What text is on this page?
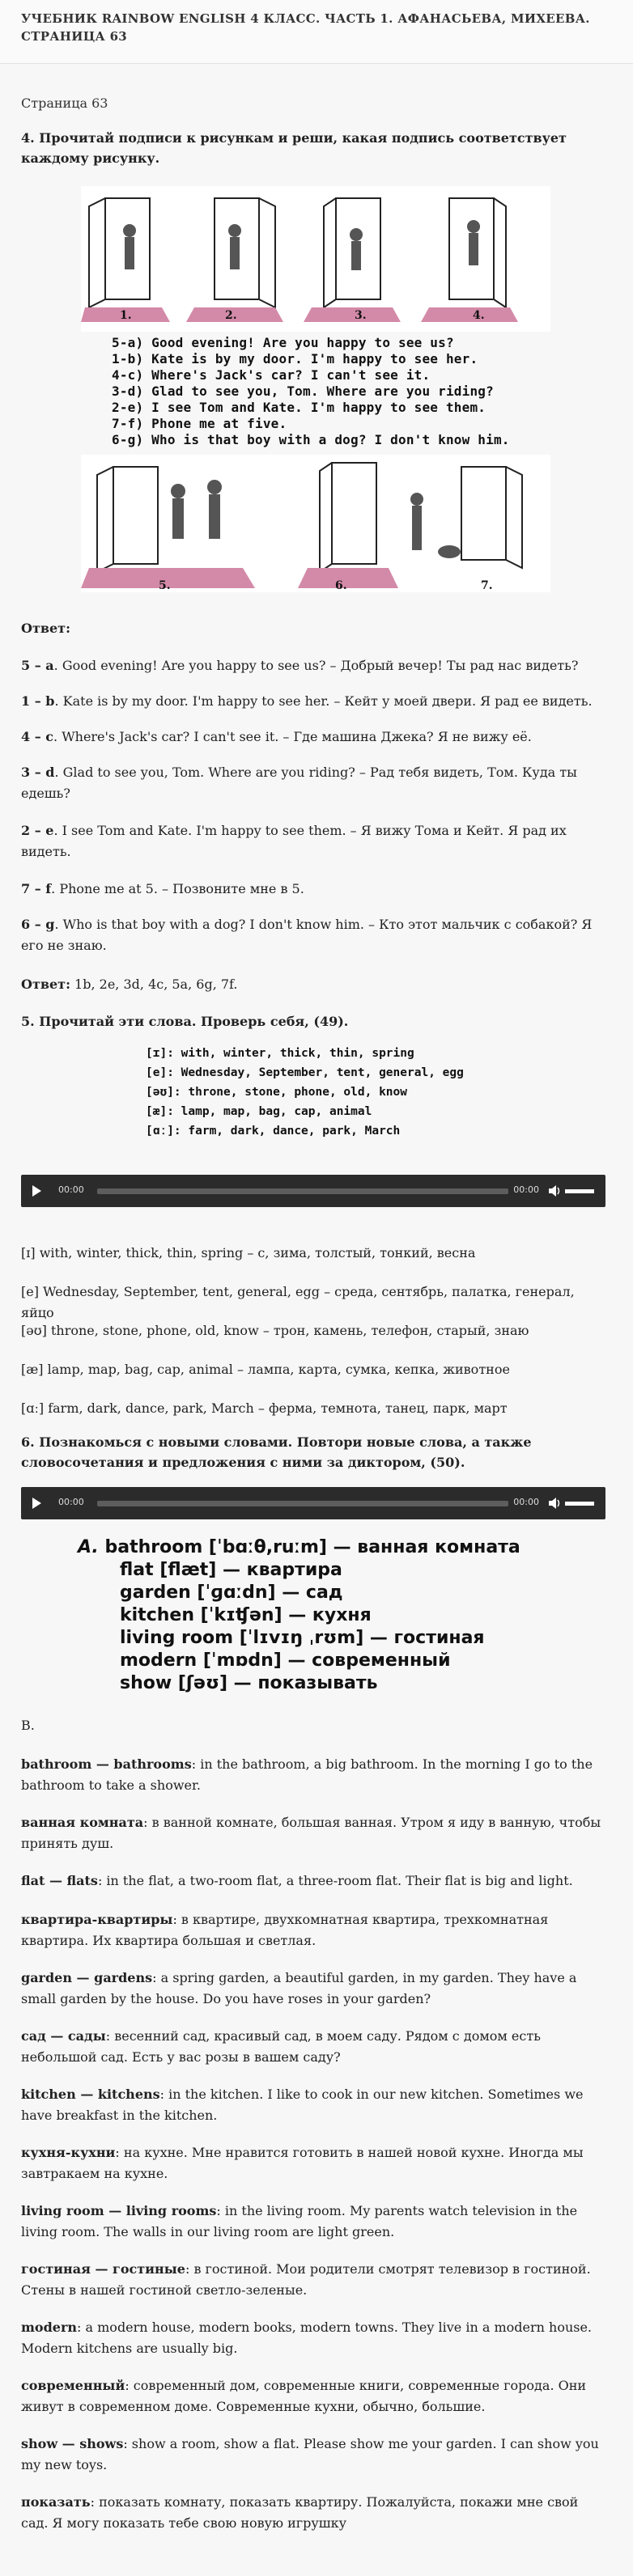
УЧЕБНИК RAINBOW ENGLISH 4 КЛАСС. ЧАСТЬ 1. АФАНАСЬЕВА, МИХЕЕВА. СТРАНИЦА 63
Страница 63
4. Прочитай подписи к рисункам и реши, какая подпись соответствует каждому рисунку.
1.	2.	3.	4.
5-a) Good evening! Are you happy to see us?
1-b) Kate is by my door. I'm happy to see her.
4-c) Where's Jack's car? I can't see it.
3-d) Glad to see you, Tom. Where are you riding?
2-e) I see Tom and Kate. I'm happy to see them.
7-f) Phone me at five.
6-g) Who is that boy with a dog? I don't know him.
5.	6.	7.
Ответ:
5 – a. Good evening! Are you happy to see us? – Добрый вечер! Ты рад нас видеть?
1 – b. Kate is by my door. I'm happy to see her. – Кейт у моей двери. Я рад ее видеть.
4 – c. Where's Jack's car? I can't see it. – Где машина Джека? Я не вижу её.
3 – d. Glad to see you, Tom. Where are you riding? – Рад тебя видеть, Том. Куда ты едешь?
2 – e. I see Tom and Kate. I'm happy to see them. – Я вижу Тома и Кейт. Я рад их видеть.
7 – f. Phone me at 5. – Позвоните мне в 5.
6 – g. Who is that boy with a dog? I don't know him. – Кто этот мальчик с собакой? Я его не знаю.
Ответ: 1b, 2e, 3d, 4c, 5a, 6g, 7f.
5. Прочитай эти слова. Проверь себя, (49).
[ɪ]: with, winter, thick, thin, spring
[e]: Wednesday, September, tent, general, egg
[əʊ]: throne, stone, phone, old, know
[æ]: lamp, map, bag, cap, animal
[ɑː]: farm, dark, dance, park, March
00:00	00:00
[ɪ] with, winter, thick, thin, spring – с, зима, толстый, тонкий, весна
[e] Wednesday, September, tent, general, egg – среда, сентябрь, палатка, генерал, яйцо
[əʊ] throne, stone, phone, old, know – трон, камень, телефон, старый, знаю
[æ] lamp, map, bag, cap, animal – лампа, карта, сумка, кепка, животное
[ɑː] farm, dark, dance, park, March – ферма, темнота, танец, парк, март
6. Познакомься с новыми словами. Повтори новые слова, а также словосочетания и предложения с ними за диктором, (50).
00:00	00:00
A. bathroom [ˈbɑːθ,ruːm] — ванная комната
flat [flæt] — квартира
garden [ˈɡɑːdn] — сад
kitchen [ˈkɪʧən] — кухня
living room [ˈlɪvɪŋ ˌrʊm] — гостиная
modern [ˈmɒdn] — современный
show [ʃəʊ] — показывать
B.
bathroom — bathrooms: in the bathroom, a big bathroom. In the morning I go to the bathroom to take a shower.
ванная комната: в ванной комнате, большая ванная. Утром я иду в ванную, чтобы принять душ.
flat — flats: in the flat, a two-room flat, a three-room flat. Their flat is big and light.
квартира-квартиры: в квартире, двухкомнатная квартира, трехкомнатная квартира. Их квартира большая и светлая.
garden — gardens: a spring garden, a beautiful garden, in my garden. They have a small garden by the house. Do you have roses in your garden?
сад — сады: весенний сад, красивый сад, в моем саду. Рядом с домом есть небольшой сад. Есть у вас розы в вашем саду?
kitchen — kitchens: in the kitchen. I like to cook in our new kitchen. Sometimes we have breakfast in the kitchen.
кухня-кухни: на кухне. Мне нравится готовить в нашей новой кухне. Иногда мы завтракаем на кухне.
living room — living rooms: in the living room. My parents watch television in the living room. The walls in our living room are light green.
гостиная — гостиные: в гостиной. Мои родители смотрят телевизор в гостиной. Стены в нашей гостиной светло-зеленые.
modern: a modern house, modern books, modern towns. They live in a modern house. Modern kitchens are usually big.
современный: современный дом, современные книги, современные города. Они живут в современном доме. Современные кухни, обычно, большие.
show — shows: show a room, show a flat. Please show me your garden. I can show you my new toys.
показать: показать комнату, показать квартиру. Пожалуйста, покажи мне свой сад. Я могу показать тебе свою новую игрушку
